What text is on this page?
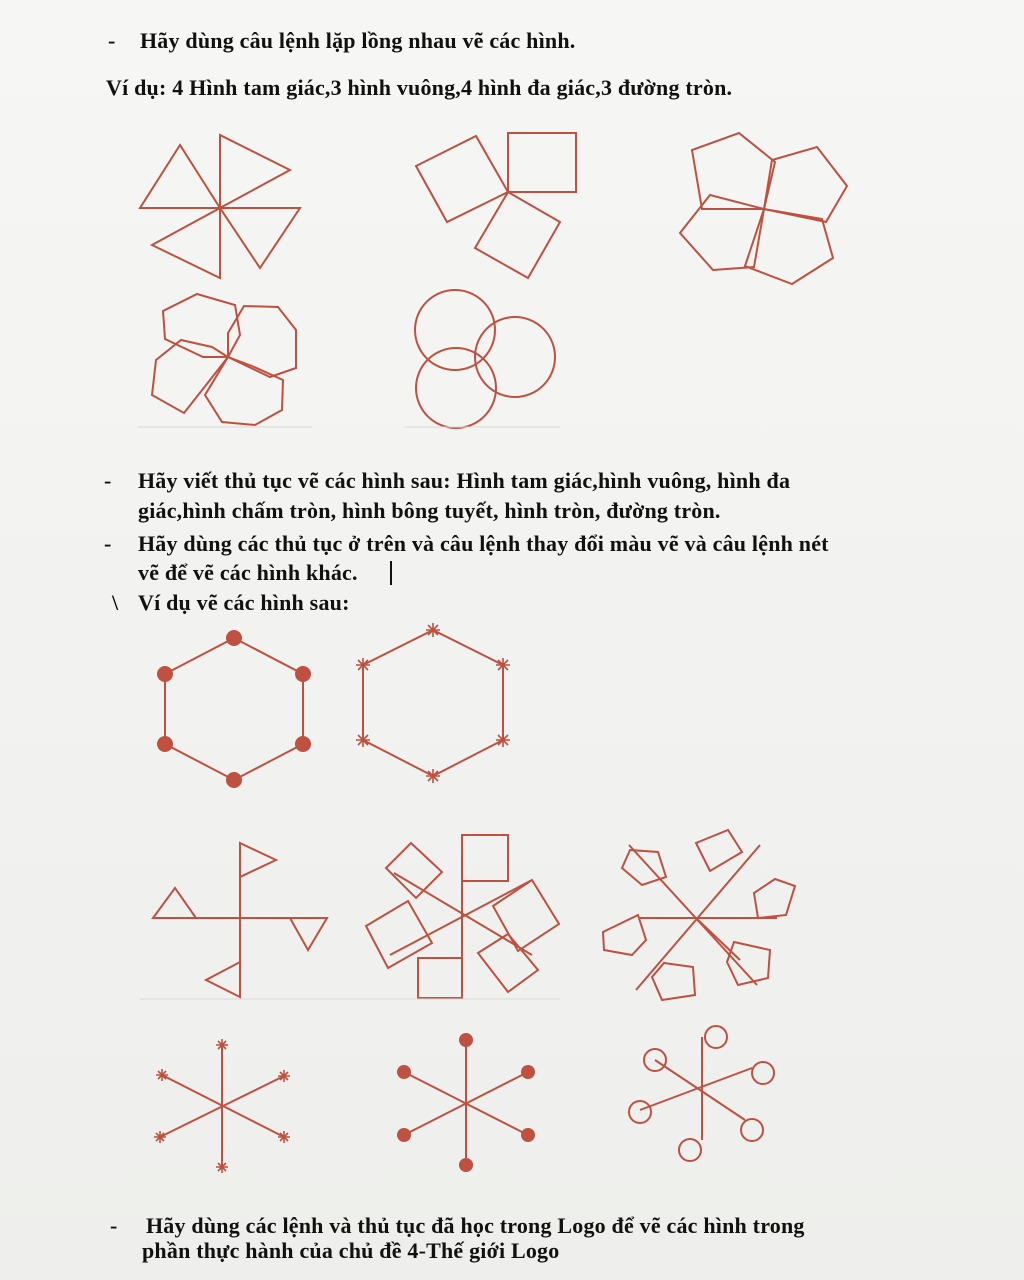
- Hãy dùng câu lệnh lặp lồng nhau vẽ các hình.
Ví dụ: 4 Hình tam giác,3 hình vuông,4 hình đa giác,3 đường tròn.
- Hãy viết thủ tục vẽ các hình sau: Hình tam giác,hình vuông, hình đa
giác,hình chấm tròn, hình bông tuyết, hình tròn, đường tròn.
- Hãy dùng các thủ tục ở trên và câu lệnh thay đổi màu vẽ và câu lệnh nét
vẽ để vẽ các hình khác.
\ Ví dụ vẽ các hình sau:
- Hãy dùng các lệnh và thủ tục đã học trong Logo để vẽ các hình trong
phần thực hành của chủ đề 4-Thế giới Logo
